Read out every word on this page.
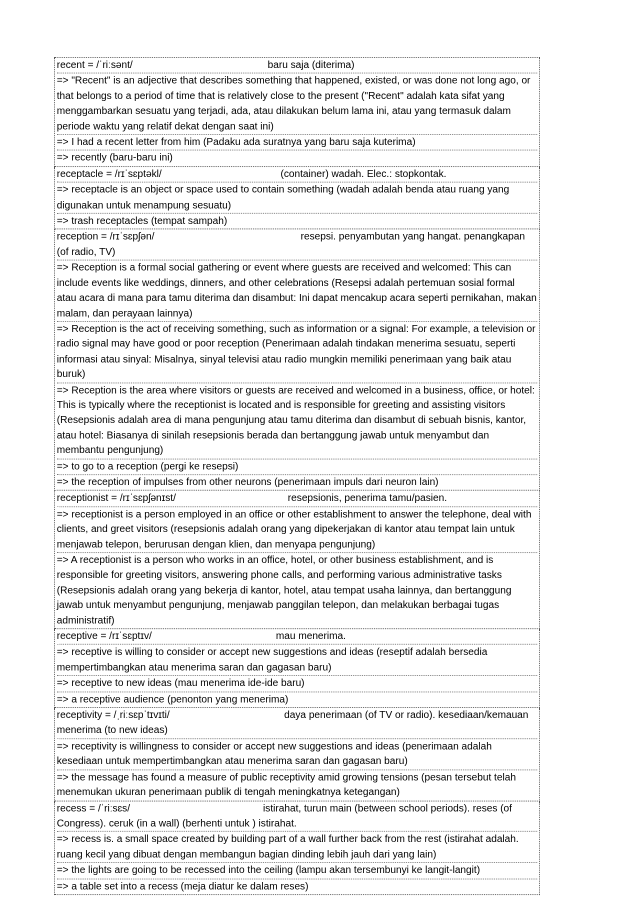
recent = /ˈriːsənt/	baru saja (diterima)
=> "Recent" is an adjective that describes something that happened, existed, or was done not long ago, or that belongs to a period of time that is relatively close to the present ("Recent" adalah kata sifat yang menggambarkan sesuatu yang terjadi, ada, atau dilakukan belum lama ini, atau yang termasuk dalam periode waktu yang relatif dekat dengan saat ini)
=> I had a recent letter from him (Padaku ada suratnya yang baru saja kuterima)
=> recently (baru-baru ini)
receptacle = /rɪˈsɛptəkl/	(container) wadah. Elec.: stopkontak.
=> receptacle is an object or space used to contain something (wadah adalah benda atau ruang yang digunakan untuk menampung sesuatu)
=> trash receptacles (tempat sampah)
reception = /rɪˈsɛpʃən/	resepsi. penyambutan yang hangat. penangkapan (of radio, TV)
=> Reception is a formal social gathering or event where guests are received and welcomed: This can include events like weddings, dinners, and other celebrations (Resepsi adalah pertemuan sosial formal atau acara di mana para tamu diterima dan disambut: Ini dapat mencakup acara seperti pernikahan, makan malam, dan perayaan lainnya)
=> Reception is the act of receiving something, such as information or a signal: For example, a television or radio signal may have good or poor reception (Penerimaan adalah tindakan menerima sesuatu, seperti informasi atau sinyal: Misalnya, sinyal televisi atau radio mungkin memiliki penerimaan yang baik atau buruk)
=> Reception is the area where visitors or guests are received and welcomed in a business, office, or hotel: This is typically where the receptionist is located and is responsible for greeting and assisting visitors (Resepsionis adalah area di mana pengunjung atau tamu diterima dan disambut di sebuah bisnis, kantor, atau hotel: Biasanya di sinilah resepsionis berada dan bertanggung jawab untuk menyambut dan membantu pengunjung)
=> to go to a reception (pergi ke resepsi)
=> the reception of impulses from other neurons (penerimaan impuls dari neuron lain)
receptionist = /rɪˈsɛpʃənɪst/	resepsionis, penerima tamu/pasien.
=> receptionist is a person employed in an office or other establishment to answer the telephone, deal with clients, and greet visitors (resepsionis adalah orang yang dipekerjakan di kantor atau tempat lain untuk menjawab telepon, berurusan dengan klien, dan menyapa pengunjung)
=> A receptionist is a person who works in an office, hotel, or other business establishment, and is responsible for greeting visitors, answering phone calls, and performing various administrative tasks (Resepsionis adalah orang yang bekerja di kantor, hotel, atau tempat usaha lainnya, dan bertanggung jawab untuk menyambut pengunjung, menjawab panggilan telepon, dan melakukan berbagai tugas administratif)
receptive = /rɪˈsɛptɪv/	mau menerima.
=> receptive is willing to consider or accept new suggestions and ideas (reseptif adalah bersedia mempertimbangkan atau menerima saran dan gagasan baru)
=> receptive to new ideas (mau menerima ide-ide baru)
=> a receptive audience (penonton yang menerima)
receptivity = /ˌriːsɛpˈtɪvɪti/	daya penerimaan (of TV or radio). kesediaan/kemauan menerima (to new ideas)
=> receptivity is willingness to consider or accept new suggestions and ideas (penerimaan adalah kesediaan untuk mempertimbangkan atau menerima saran dan gagasan baru)
=> the message has found a measure of public receptivity amid growing tensions (pesan tersebut telah menemukan ukuran penerimaan publik di tengah meningkatnya ketegangan)
recess = /ˈriːsɛs/	istirahat, turun main (between school periods). reses (of Congress). ceruk (in a wall) (berhenti untuk ) istirahat.
=> recess is. a small space created by building part of a wall further back from the rest (istirahat adalah. ruang kecil yang dibuat dengan membangun bagian dinding lebih jauh dari yang lain)
=> the lights are going to be recessed into the ceiling (lampu akan tersembunyi ke langit-langit)
=> a table set into a recess (meja diatur ke dalam reses)
